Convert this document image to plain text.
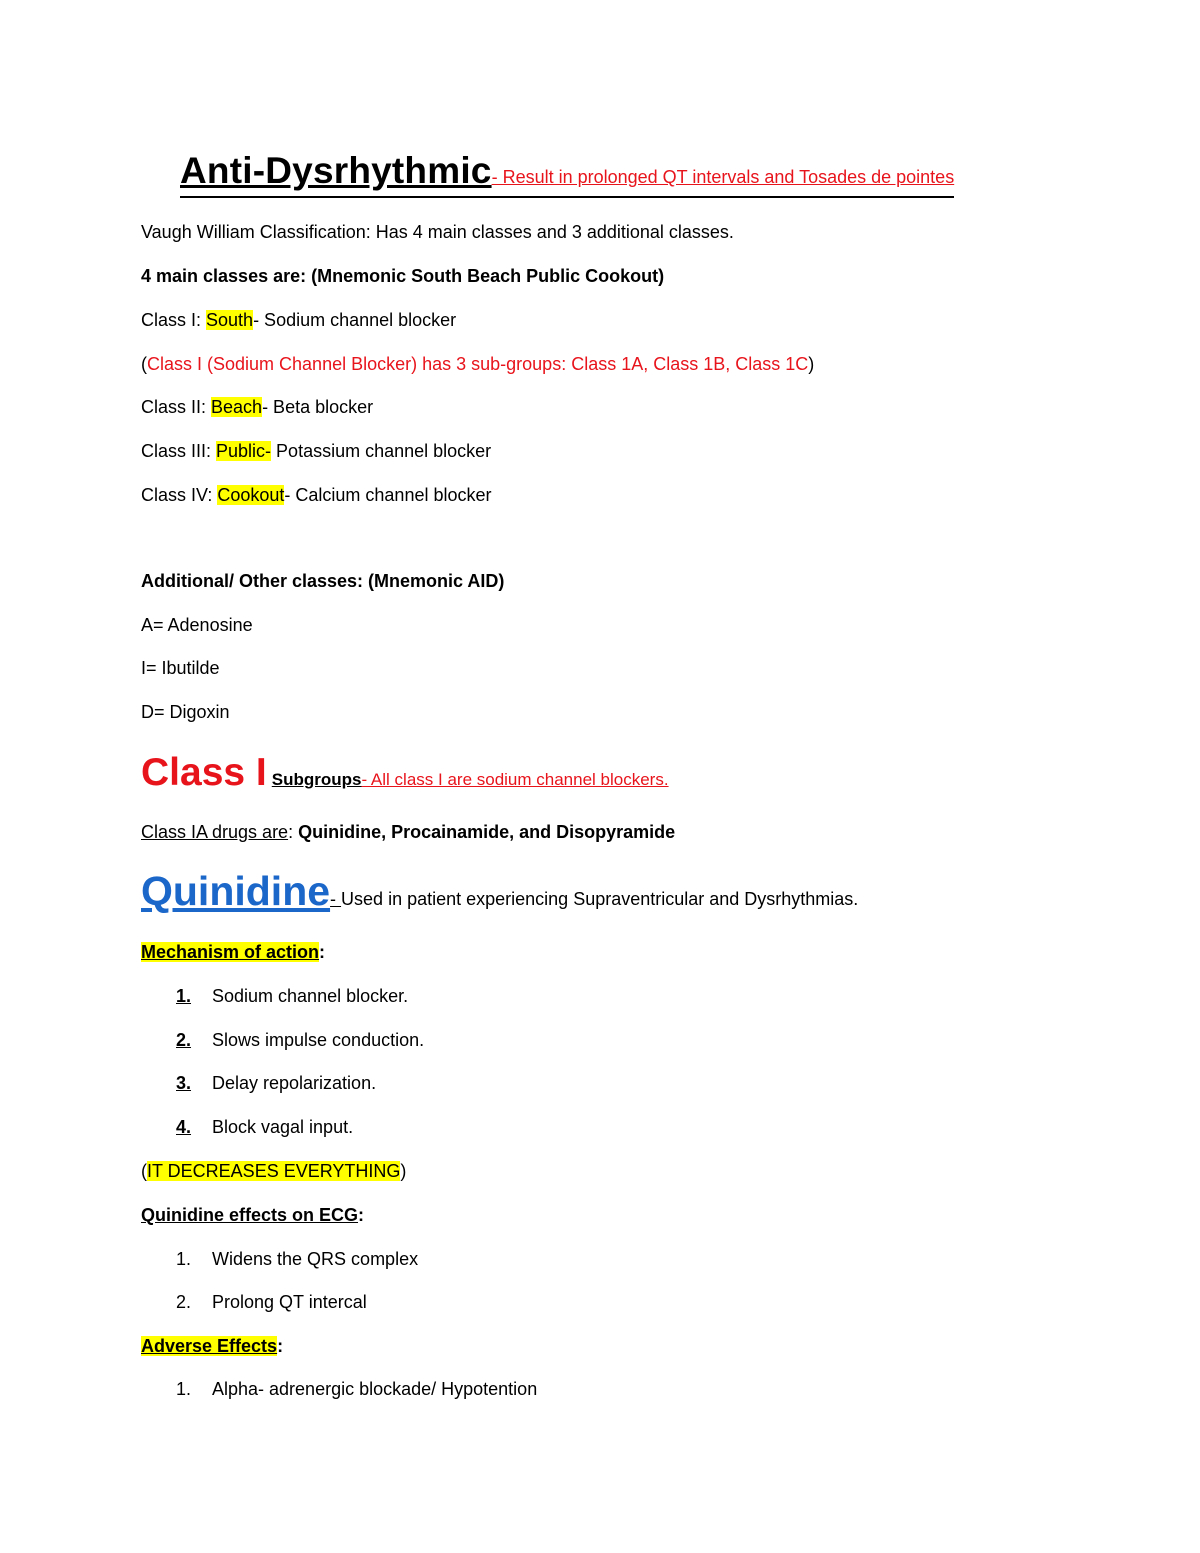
Anti-Dysrhythmic- Result in prolonged QT intervals and Tosades de pointes
Vaugh William Classification: Has 4 main classes and 3 additional classes.
4 main classes are: (Mnemonic South Beach Public Cookout)
Class I: South- Sodium channel blocker
(Class I (Sodium Channel Blocker) has 3 sub-groups: Class 1A, Class 1B, Class 1C)
Class II: Beach- Beta blocker
Class III: Public- Potassium channel blocker
Class IV: Cookout- Calcium channel blocker
Additional/ Other classes: (Mnemonic AID)
A= Adenosine
I= Ibutilde
D= Digoxin
Class I Subgroups- All class I are sodium channel blockers.
Class IA drugs are: Quinidine, Procainamide, and Disopyramide
Quinidine- Used in patient experiencing Supraventricular and Dysrhythmias.
Mechanism of action:
1. Sodium channel blocker.
2. Slows impulse conduction.
3. Delay repolarization.
4. Block vagal input.
(IT DECREASES EVERYTHING)
Quinidine effects on ECG:
1. Widens the QRS complex
2. Prolong QT intercal
Adverse Effects:
1. Alpha- adrenergic blockade/ Hypotention
